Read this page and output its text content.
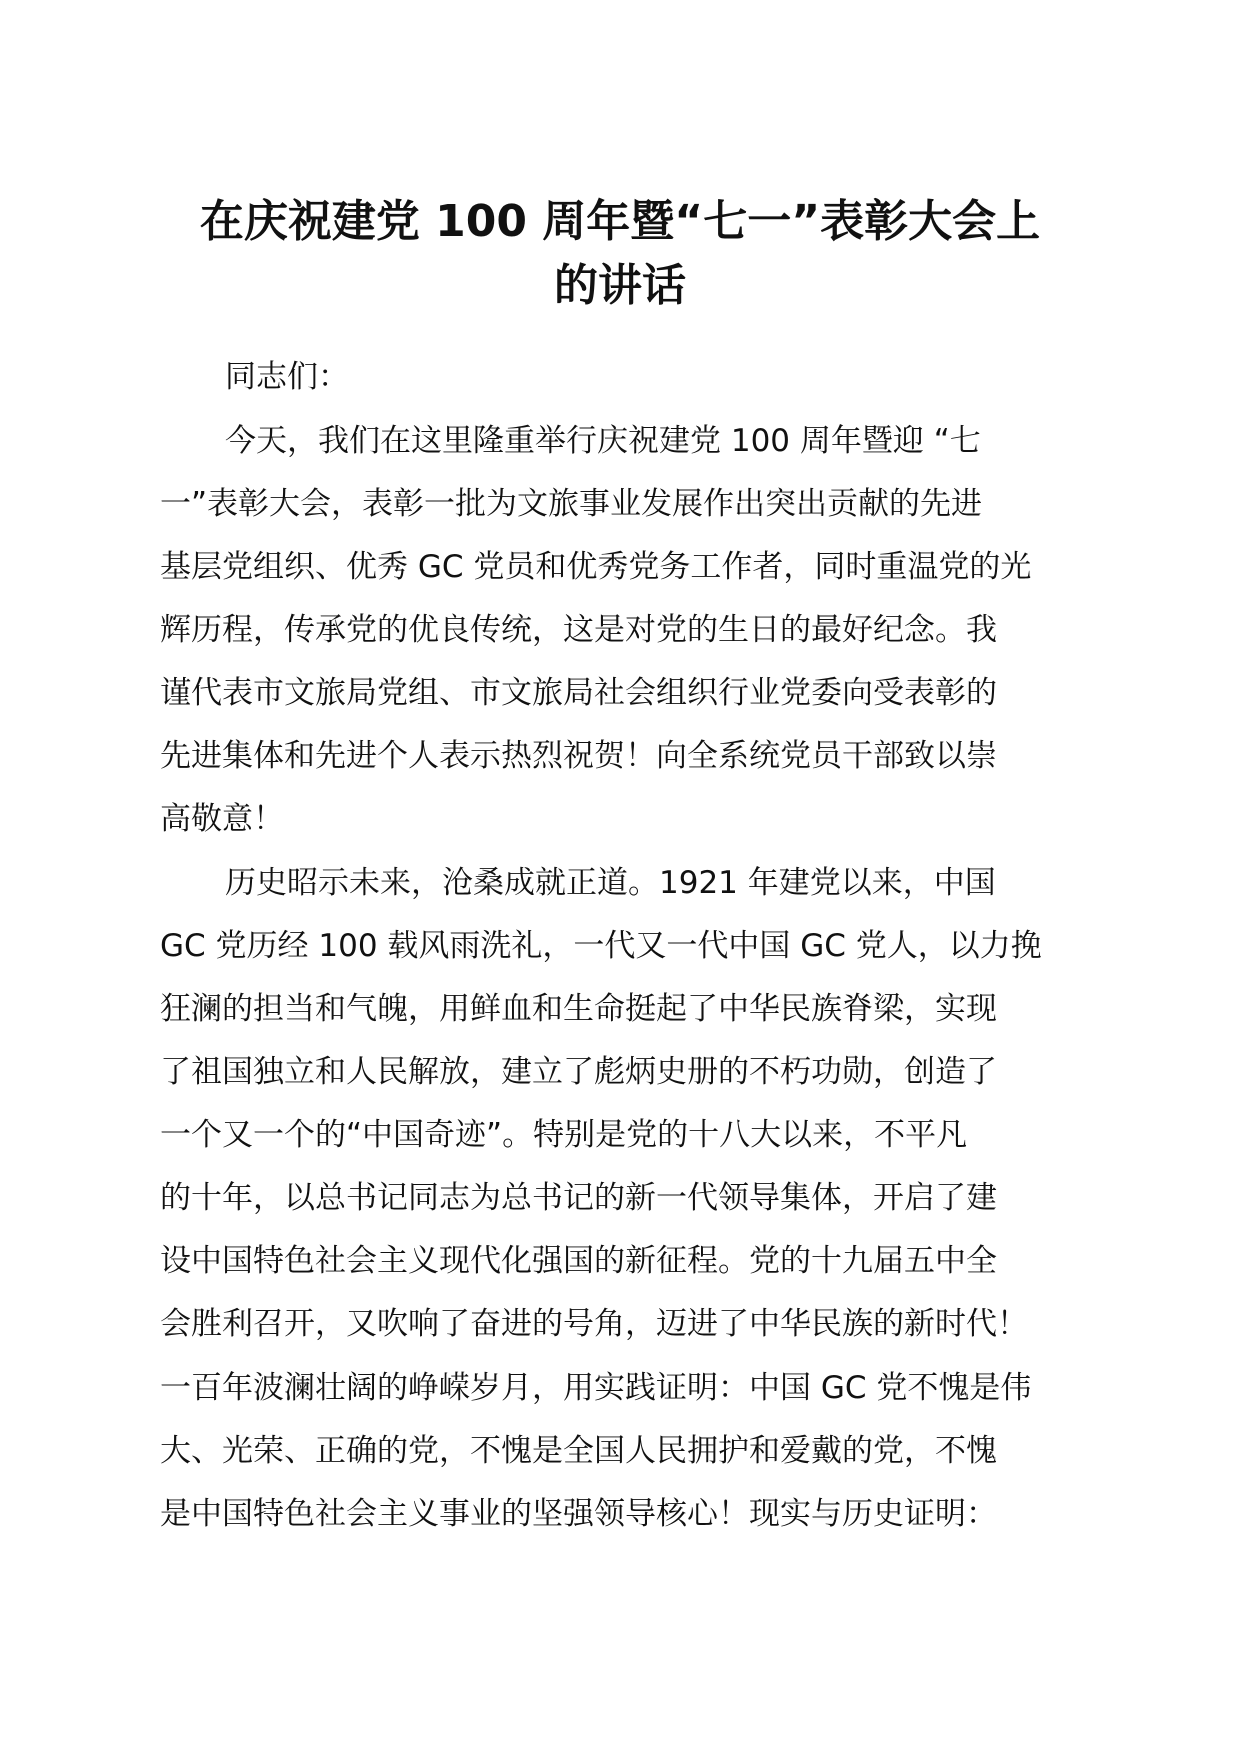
在庆祝建党 100 周年暨“七一”表彰大会上
的讲话
同志们：
今天，我们在这里隆重举行庆祝建党 100 周年暨迎 “七
一”表彰大会，表彰一批为文旅事业发展作出突出贡献的先进
基层党组织、优秀 GC 党员和优秀党务工作者，同时重温党的光
辉历程，传承党的优良传统，这是对党的生日的最好纪念。我
谨代表市文旅局党组、市文旅局社会组织行业党委向受表彰的
先进集体和先进个人表示热烈祝贺！向全系统党员干部致以崇
高敬意！
历史昭示未来，沧桑成就正道。1921 年建党以来，中国
GC 党历经 100 载风雨洗礼，一代又一代中国 GC 党人，以力挽
狂澜的担当和气魄，用鲜血和生命挺起了中华民族脊梁，实现
了祖国独立和人民解放，建立了彪炳史册的不朽功勋，创造了
一个又一个的“中国奇迹”。特别是党的十八大以来，不平凡
的十年，以总书记同志为总书记的新一代领导集体，开启了建
设中国特色社会主义现代化强国的新征程。党的十九届五中全
会胜利召开，又吹响了奋进的号角，迈进了中华民族的新时代！
一百年波澜壮阔的峥嵘岁月，用实践证明：中国 GC 党不愧是伟
大、光荣、正确的党，不愧是全国人民拥护和爱戴的党，不愧
是中国特色社会主义事业的坚强领导核心！现实与历史证明：
